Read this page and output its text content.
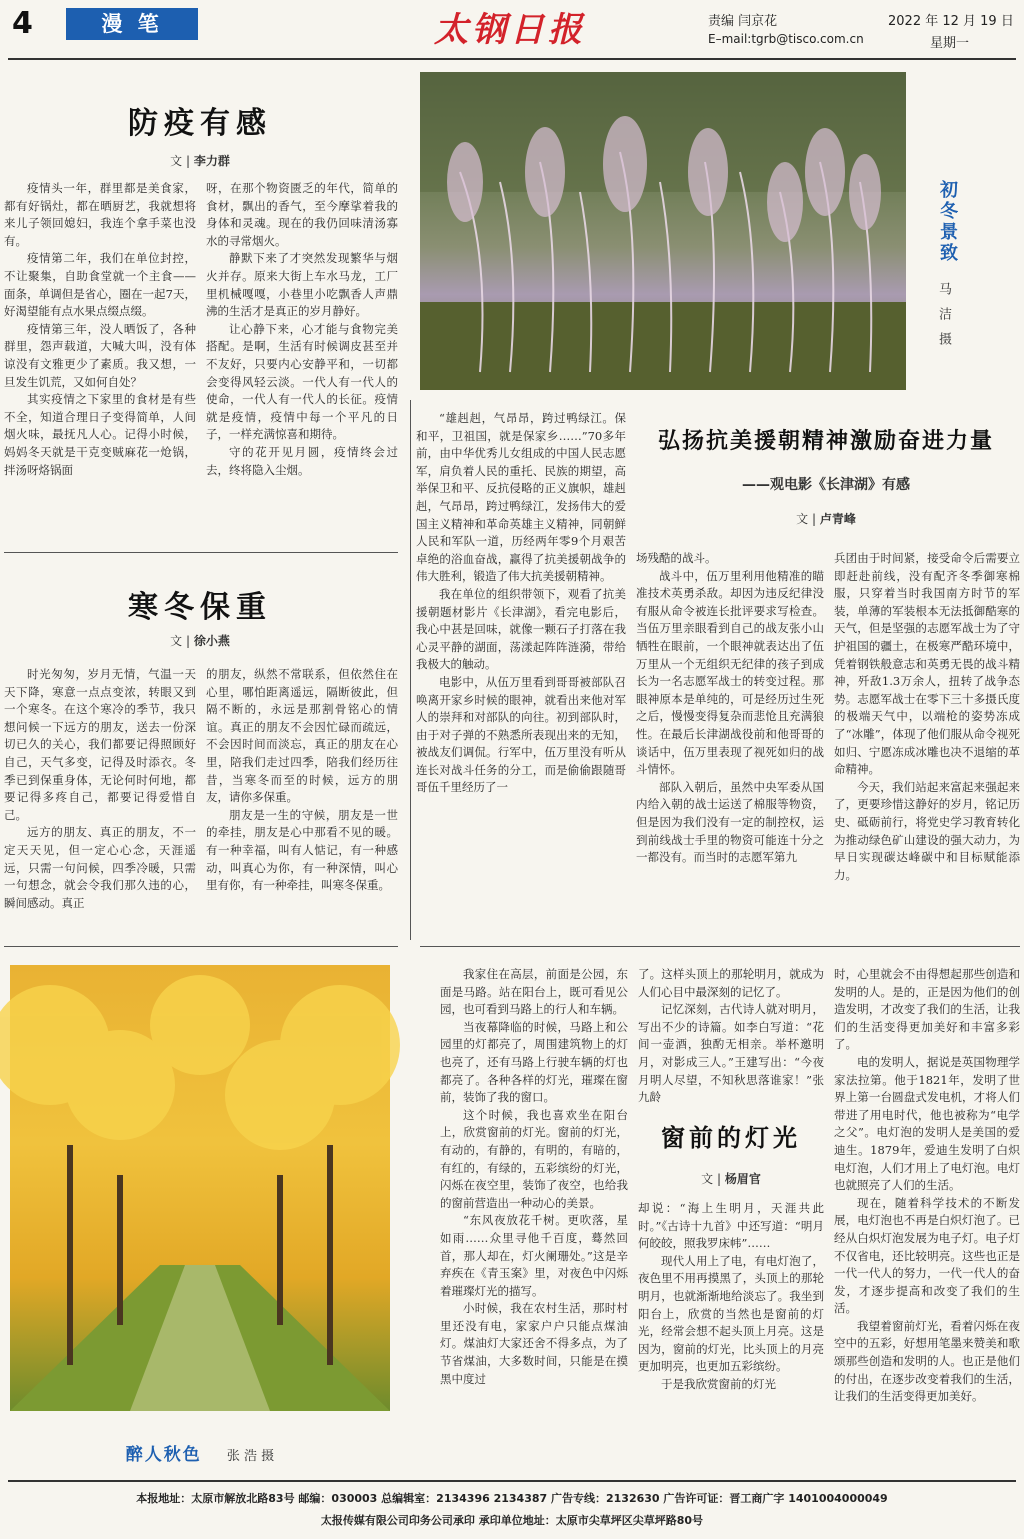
4	漫 笔	太钢日报	责编 闫京花
E–mail:tgrb@tisco.com.cn
2022 年 12 月 19 日
星期一
防疫有感
文 | 李力群

疫情头一年，群里都是美食家，都有好锅灶，都在晒厨艺，我就想将来儿子领回媳妇，我连个拿手菜也没有。

疫情第二年，我们在单位封控，不让聚集，自助食堂就一个主食——面条，单调但是省心，圈在一起7天，好渴望能有点水果点缀点缀。

疫情第三年，没人晒饭了，各种群里，怨声载道，大喊大叫，没有体谅没有文雅更少了素质。我又想，一旦发生饥荒，又如何自处？

其实疫情之下家里的食材是有些不全，知道合理日子变得简单，人间烟火味，最抚凡人心。记得小时候，妈妈冬天就是干克变贼麻花一炝锅，拌汤呀烙锅面

呀，在那个物资匮乏的年代，简单的食材，飘出的香气，至今摩挲着我的身体和灵魂。现在的我仍回味清汤寡水的寻常烟火。

静默下来了才突然发现繁华与烟火并存。原来大街上车水马龙，工厂里机械嘎嘎，小巷里小吃飘香人声鼎沸的生活才是真正的岁月静好。

让心静下来，心才能与食物完美搭配。是啊，生活有时候调皮甚至并不友好，只要内心安静平和，一切都会变得风轻云淡。一代人有一代人的使命，一代人有一代人的长征。疫情就是疫情，疫情中每一个平凡的日子，一样充满惊喜和期待。

守的花开见月圆，疫情终会过去，终将隐入尘烟。

初冬景致
马 洁摄
寒冬保重
文 | 徐小燕

时光匆匆，岁月无情，气温一天天下降，寒意一点点变浓，转眼又到一个寒冬。在这个寒冷的季节，我只想问候一下远方的朋友，送去一份深切已久的关心，我们都要记得照顾好自己，天气多变，记得及时添衣。冬季已到保重身体，无论何时何地，都要记得多疼自己，都要记得爱惜自己。

远方的朋友、真正的朋友，不一定天天见，但一定心心念，天涯遥远，只需一句问候，四季冷暖，只需一句想念，就会令我们那久违的心，瞬间感动。真正

的朋友，纵然不常联系，但依然住在心里，哪怕距离遥远，隔断彼此，但隔不断的，永远是那割骨铭心的情谊。真正的朋友不会因忙碌而疏远，不会因时间而淡忘，真正的朋友在心里，陪我们走过四季，陪我们经历往昔，当寒冬而至的时候，远方的朋友，请你多保重。

朋友是一生的守候，朋友是一世的牵挂，朋友是心中那看不见的暖。有一种幸福，叫有人惦记，有一种感动，叫真心为你，有一种深情，叫心里有你，有一种牵挂，叫寒冬保重。

“雄赳赳，气昂昂，跨过鸭绿江。保和平，卫祖国，就是保家乡……”70多年前，由中华优秀儿女组成的中国人民志愿军，肩负着人民的重托、民族的期望，高举保卫和平、反抗侵略的正义旗帜，雄赳赳，气昂昂，跨过鸭绿江，发扬伟大的爱国主义精神和革命英雄主义精神，同朝鲜人民和军队一道，历经两年零9个月艰苦卓绝的浴血奋战，赢得了抗美援朝战争的伟大胜利，锻造了伟大抗美援朝精神。

我在单位的组织带领下，观看了抗美援朝题材影片《长津湖》，看完电影后，我心中甚是回味，就像一颗石子打落在我心灵平静的湖面，荡漾起阵阵涟漪，带给我极大的触动。

电影中，从伍万里看到哥哥被部队召唤离开家乡时候的眼神，就看出来他对军人的崇拜和对部队的向往。初到部队时，由于对子弹的不熟悉所表现出来的无知，被战友们调侃。行军中，伍万里没有听从连长对战斗任务的分工，而是偷偷跟随哥哥伍千里经历了一

弘扬抗美援朝精神激励奋进力量
——观电影《长津湖》有感
文 | 卢青峰

场残酷的战斗。

战斗中，伍万里利用他精准的瞄准技术英勇杀敌。却因为违反纪律没有服从命令被连长批评要求写检查。当伍万里亲眼看到自己的战友张小山牺牲在眼前，一个眼神就表达出了伍万里从一个无组织无纪律的孩子到成长为一名志愿军战士的转变过程。那眼神原本是单纯的，可是经历过生死之后，慢慢变得复杂而悲怆且充满狼性。在最后长津湖战役前和他哥哥的谈话中，伍万里表现了视死如归的战斗情怀。

部队入朝后，虽然中央军委从国内给入朝的战士运送了棉服等物资，但是因为我们没有一定的制控权，运到前线战士手里的物资可能连十分之一都没有。而当时的志愿军第九

兵团由于时间紧，接受命令后需要立即赶赴前线，没有配齐冬季御寒棉服，只穿着当时我国南方时节的军装，单薄的军装根本无法抵御酷寒的天气，但是坚强的志愿军战士为了守护祖国的疆土，在极寒严酷环境中，凭着钢铁般意志和英勇无畏的战斗精神，歼敌1.3万余人，扭转了战争态势。志愿军战士在零下三十多摄氏度的极端天气中，以端枪的姿势冻成了“冰雕”，体现了他们服从命令视死如归、宁愿冻成冰雕也决不退缩的革命精神。

今天，我们站起来富起来强起来了，更要珍惜这静好的岁月，铭记历史、砥砺前行，将党史学习教育转化为推动绿色矿山建设的强大动力，为早日实现碳达峰碳中和目标赋能添力。

醉人秋色 张 浩 摄

我家住在高层，前面是公园，东面是马路。站在阳台上，既可看见公园，也可看到马路上的行人和车辆。

当夜幕降临的时候，马路上和公园里的灯都亮了，周围建筑物上的灯也亮了，还有马路上行驶车辆的灯也都亮了。各种各样的灯光，璀璨在窗前，装饰了我的窗口。

这个时候，我也喜欢坐在阳台上，欣赏窗前的灯光。窗前的灯光，有动的，有静的，有明的，有暗的，有红的，有绿的，五彩缤纷的灯光，闪烁在夜空里，装饰了夜空，也给我的窗前营造出一种动心的美景。

“东风夜放花千树。更吹落，星如雨……众里寻他千百度，蓦然回首，那人却在，灯火阑珊处。”这是辛弃疾在《青玉案》里，对夜色中闪烁着璀璨灯光的描写。

小时候，我在农村生活，那时村里还没有电，家家户户只能点煤油灯。煤油灯大家还舍不得多点，为了节省煤油，大多数时间，只能是在摸黑中度过

了。这样头顶上的那轮明月，就成为人们心目中最深刻的记忆了。

记忆深刻，古代诗人就对明月，写出不少的诗篇。如李白写道：“花间一壶酒，独酌无相亲。举杯邀明月，对影成三人。”王建写出：“今夜月明人尽望，不知秋思落谁家！”张九龄

窗前的灯光
文 | 杨眉官

却说：“海上生明月，天涯共此时。”《古诗十九首》中还写道：“明月何皎皎，照我罗床帏”……

现代人用上了电，有电灯泡了，夜色里不用再摸黑了，头顶上的那轮明月，也就渐渐地给淡忘了。我坐到阳台上，欣赏的当然也是窗前的灯光，经常会想不起头顶上月亮。这是因为，窗前的灯光，比头顶上的月亮更加明亮，也更加五彩缤纷。

于是我欣赏窗前的灯光

时，心里就会不由得想起那些创造和发明的人。是的，正是因为他们的创造发明，才改变了我们的生活，让我们的生活变得更加美好和丰富多彩了。

电的发明人，据说是英国物理学家法拉第。他于1821年，发明了世界上第一台圆盘式发电机，才将人们带进了用电时代，他也被称为“电学之父”。电灯泡的发明人是美国的爱迪生。1879年，爱迪生发明了白炽电灯泡，人们才用上了电灯泡。电灯也就照亮了人们的生活。

现在，随着科学技术的不断发展，电灯泡也不再是白炽灯泡了。已经从白炽灯泡发展为电子灯。电子灯不仅省电，还比较明亮。这些也正是一代一代人的努力，一代一代人的奋发，才逐步提高和改变了我们的生活。

我望着窗前灯光，看着闪烁在夜空中的五彩，好想用笔墨来赞美和歌颂那些创造和发明的人。也正是他们的付出，在逐步改变着我们的生活，让我们的生活变得更加美好。

本报地址：太原市解放北路83号 邮编：030003 总编辑室：2134396 2134387 广告专线：2132630 广告许可证：晋工商广字 1401004000049
太报传媒有限公司印务公司承印 承印单位地址：太原市尖草坪区尖草坪路80号
